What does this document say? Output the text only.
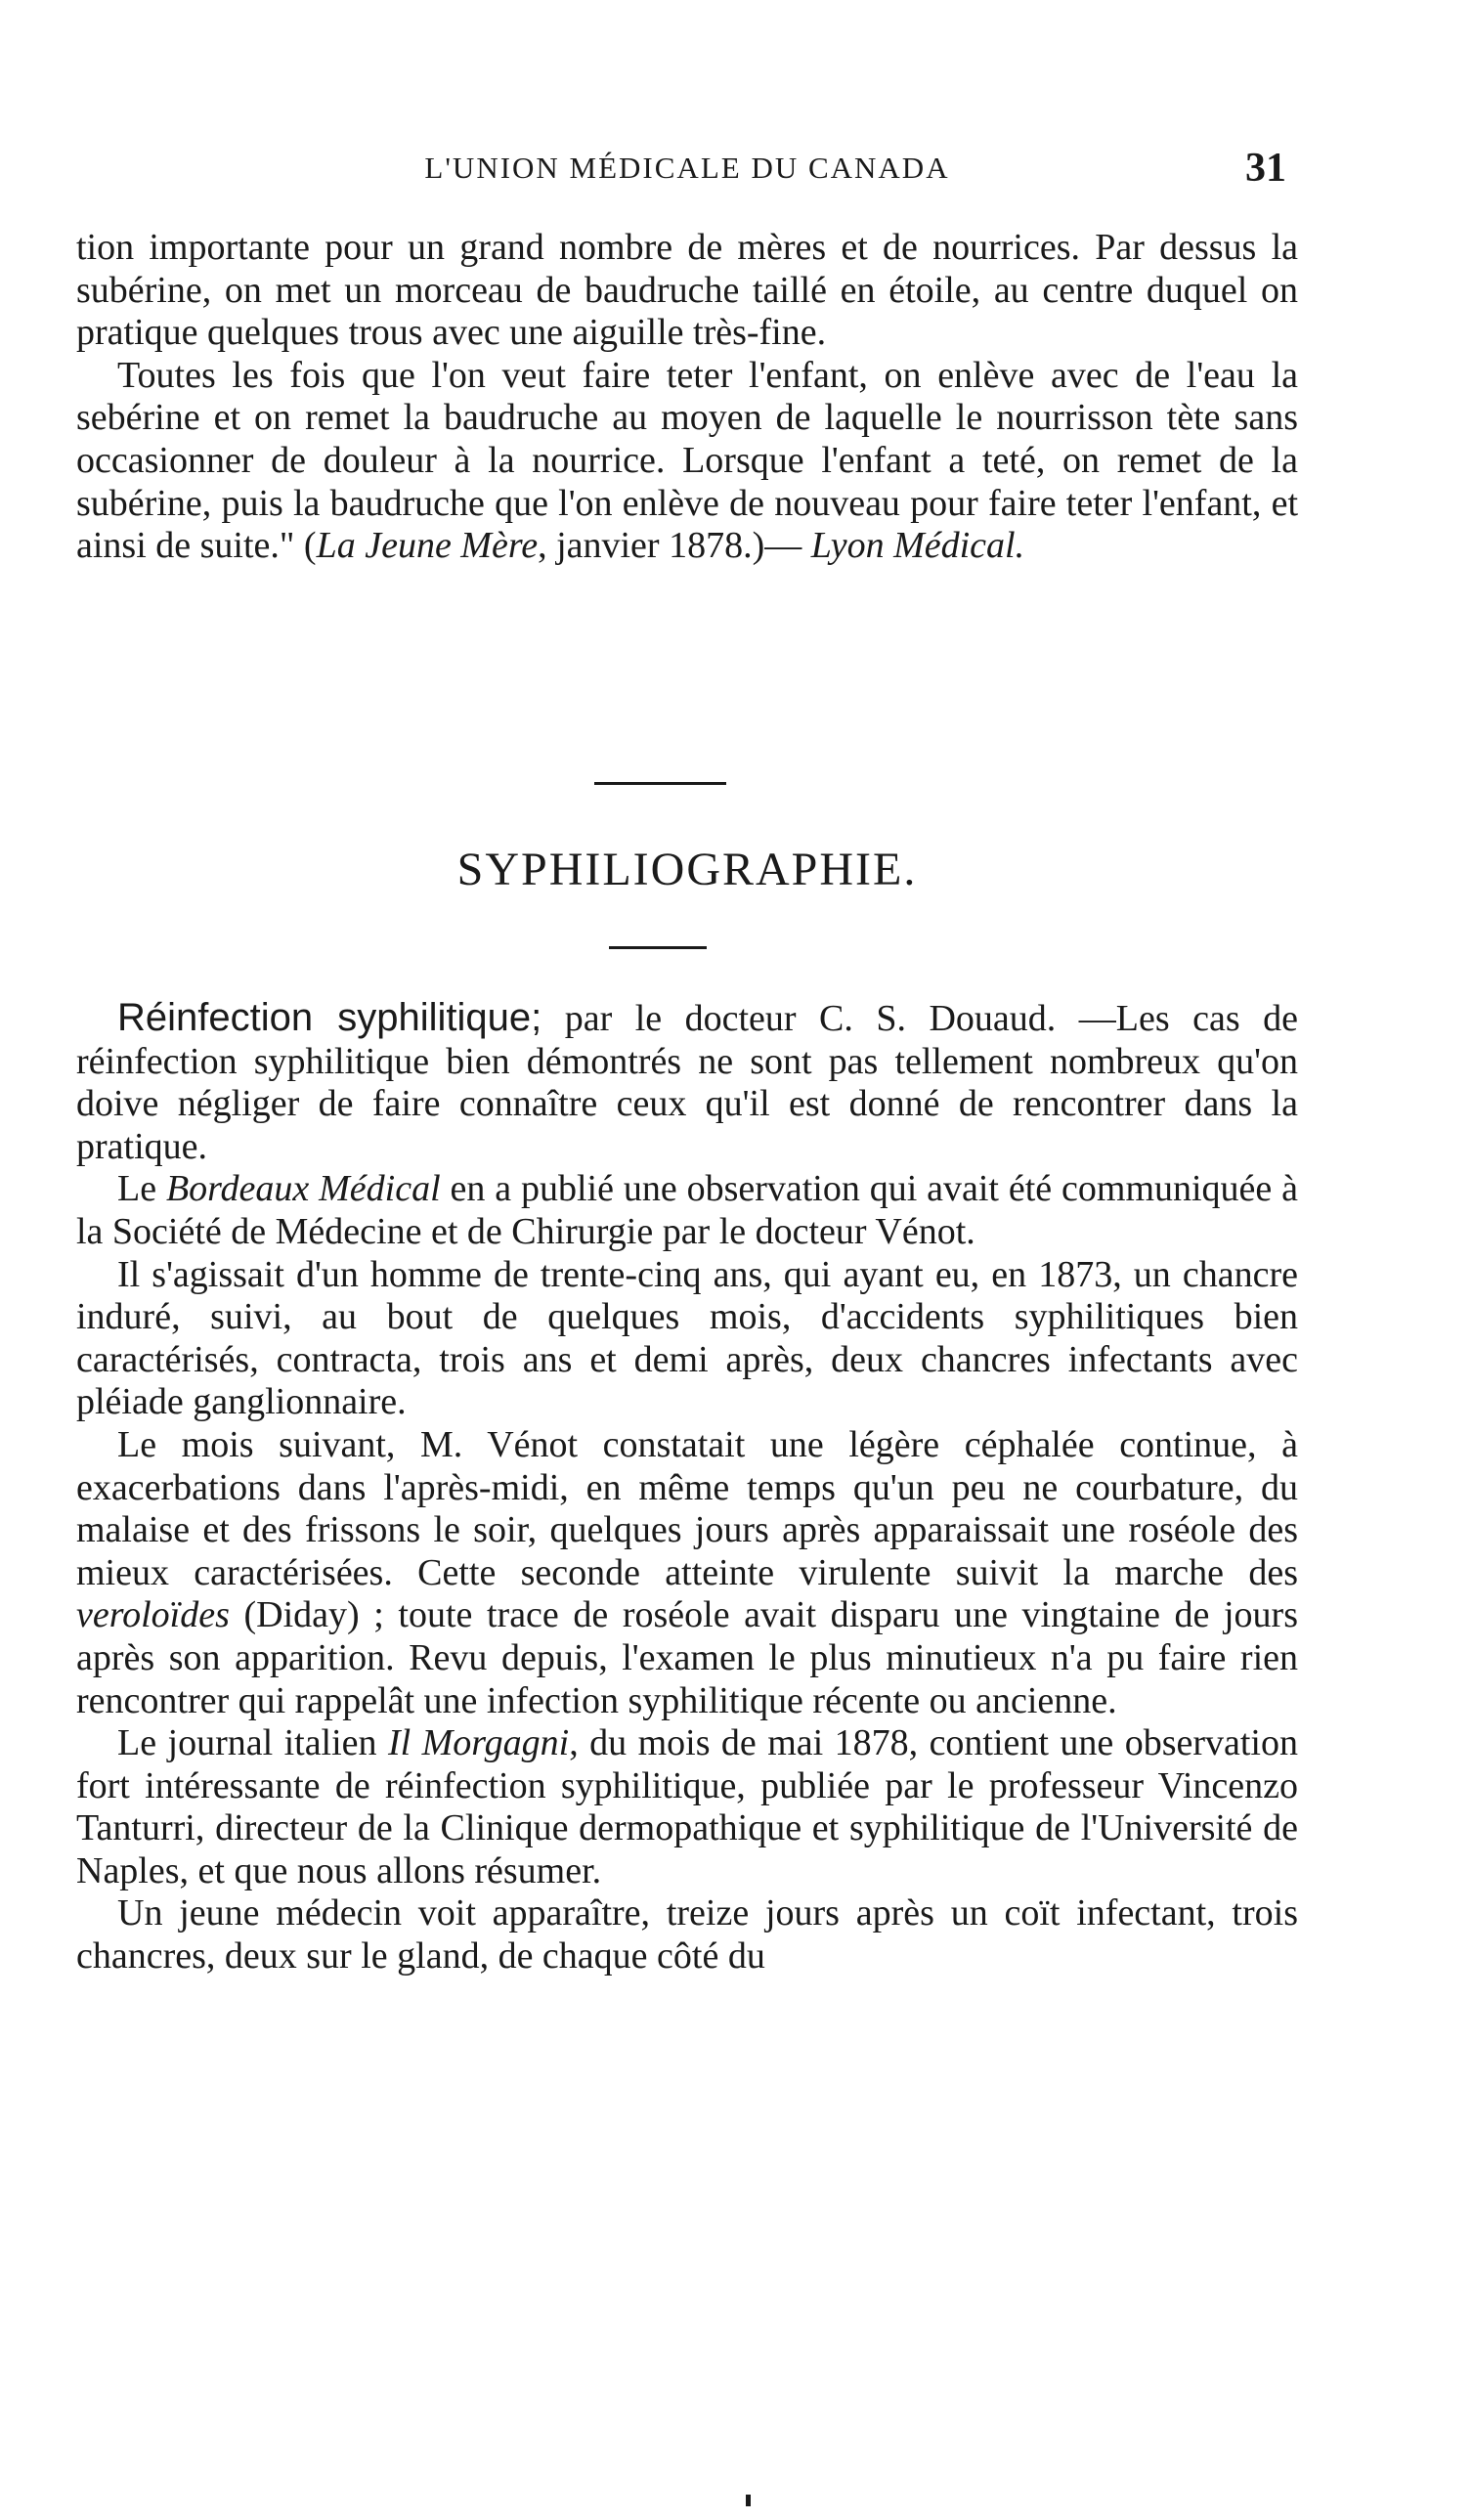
L'UNION MÉDICALE DU CANADA	31

tion importante pour un grand nombre de mères et de nourrices. Par dessus la subérine, on met un morceau de baudruche taillé en étoile, au centre duquel on pratique quelques trous avec une aiguille très-fine.

Toutes les fois que l'on veut faire teter l'enfant, on enlève avec de l'eau la sebérine et on remet la baudruche au moyen de laquelle le nourrisson tète sans occasionner de douleur à la nourrice. Lorsque l'enfant a teté, on remet de la subérine, puis la baudruche que l'on enlève de nouveau pour faire teter l'enfant, et ainsi de suite." (La Jeune Mère, janvier 1878.)— Lyon Médical.

SYPHILIOGRAPHIE.

Réinfection syphilitique; par le docteur C. S. Douaud. —Les cas de réinfection syphilitique bien démontrés ne sont pas tellement nombreux qu'on doive négliger de faire connaître ceux qu'il est donné de rencontrer dans la pratique.

Le Bordeaux Médical en a publié une observation qui avait été communiquée à la Société de Médecine et de Chirurgie par le docteur Vénot.

Il s'agissait d'un homme de trente-cinq ans, qui ayant eu, en 1873, un chancre induré, suivi, au bout de quelques mois, d'accidents syphilitiques bien caractérisés, contracta, trois ans et demi après, deux chancres infectants avec pléiade ganglionnaire.

Le mois suivant, M. Vénot constatait une légère céphalée continue, à exacerbations dans l'après-midi, en même temps qu'un peu ne courbature, du malaise et des frissons le soir, quelques jours après apparaissait une roséole des mieux caractérisées. Cette seconde atteinte virulente suivit la marche des veroloïdes (Diday) ; toute trace de roséole avait disparu une vingtaine de jours après son apparition. Revu depuis, l'examen le plus minutieux n'a pu faire rien rencontrer qui rappelât une infection syphilitique récente ou ancienne.

Le journal italien Il Morgagni, du mois de mai 1878, contient une observation fort intéressante de réinfection syphilitique, publiée par le professeur Vincenzo Tanturri, directeur de la Clinique dermopathique et syphilitique de l'Université de Naples, et que nous allons résumer.

Un jeune médecin voit apparaître, treize jours après un coït infectant, trois chancres, deux sur le gland, de chaque côté du
